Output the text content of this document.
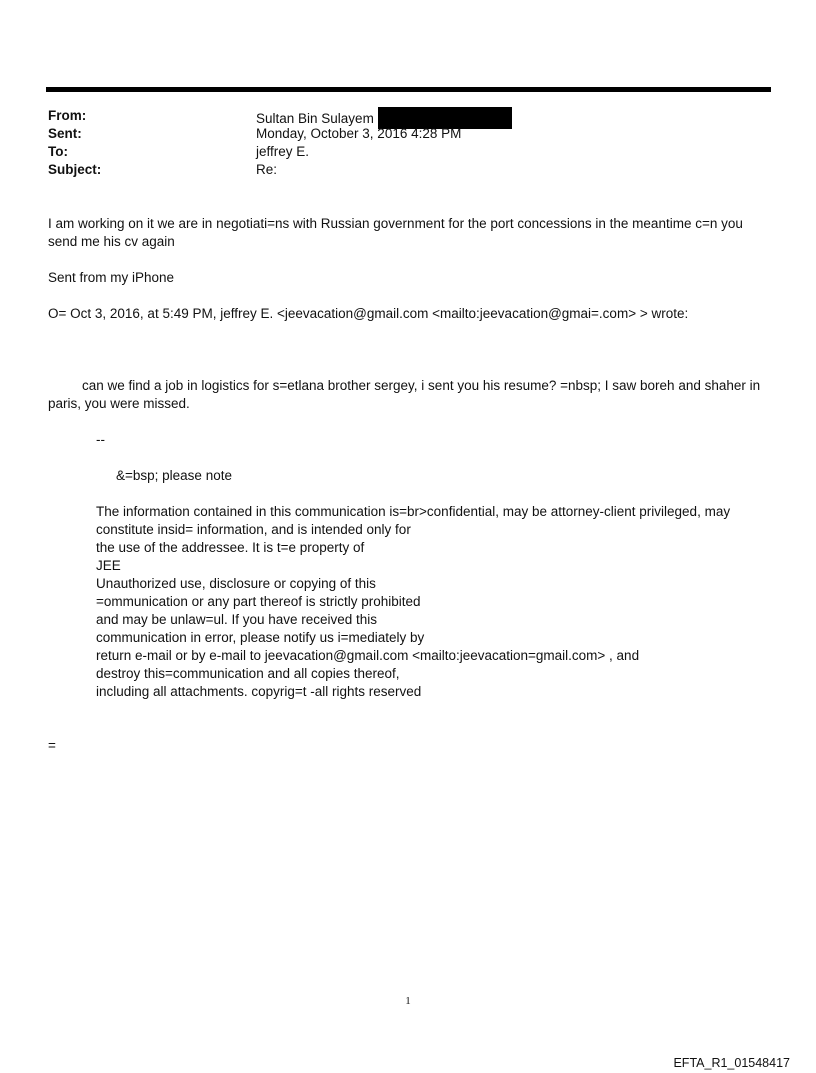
From:	Sultan Bin Sulayem
Sent:	Monday, October 3, 2016 4:28 PM
To:	jeffrey E.
Subject:	Re:
I am working on it we are in negotiati=ns with Russian government for the port concessions in the meantime c=n you send me his cv again
Sent from my iPhone
O= Oct 3, 2016, at 5:49 PM, jeffrey E. <jeevacation@gmail.com <mailto:jeevacation@gmai=.com> > wrote:
can we find a job in logistics for s=etlana brother sergey, i sent you his resume? =nbsp; I saw boreh and shaher in paris, you were missed.
--
&=bsp; please note
The information contained in this communication is=br>confidential, may be attorney-client privileged, may
constitute insid= information, and is intended only for
the use of the addressee. It is t=e property of
JEE
Unauthorized use, disclosure or copying of this
=ommunication or any part thereof is strictly prohibited
and may be unlaw=ul. If you have received this
communication in error, please notify us i=mediately by
return e-mail or by e-mail to jeevacation@gmail.com <mailto:jeevacation=gmail.com> , and
destroy this=communication and all copies thereof,
including all attachments. copyrig=t -all rights reserved
=
1
EFTA_R1_01548417
